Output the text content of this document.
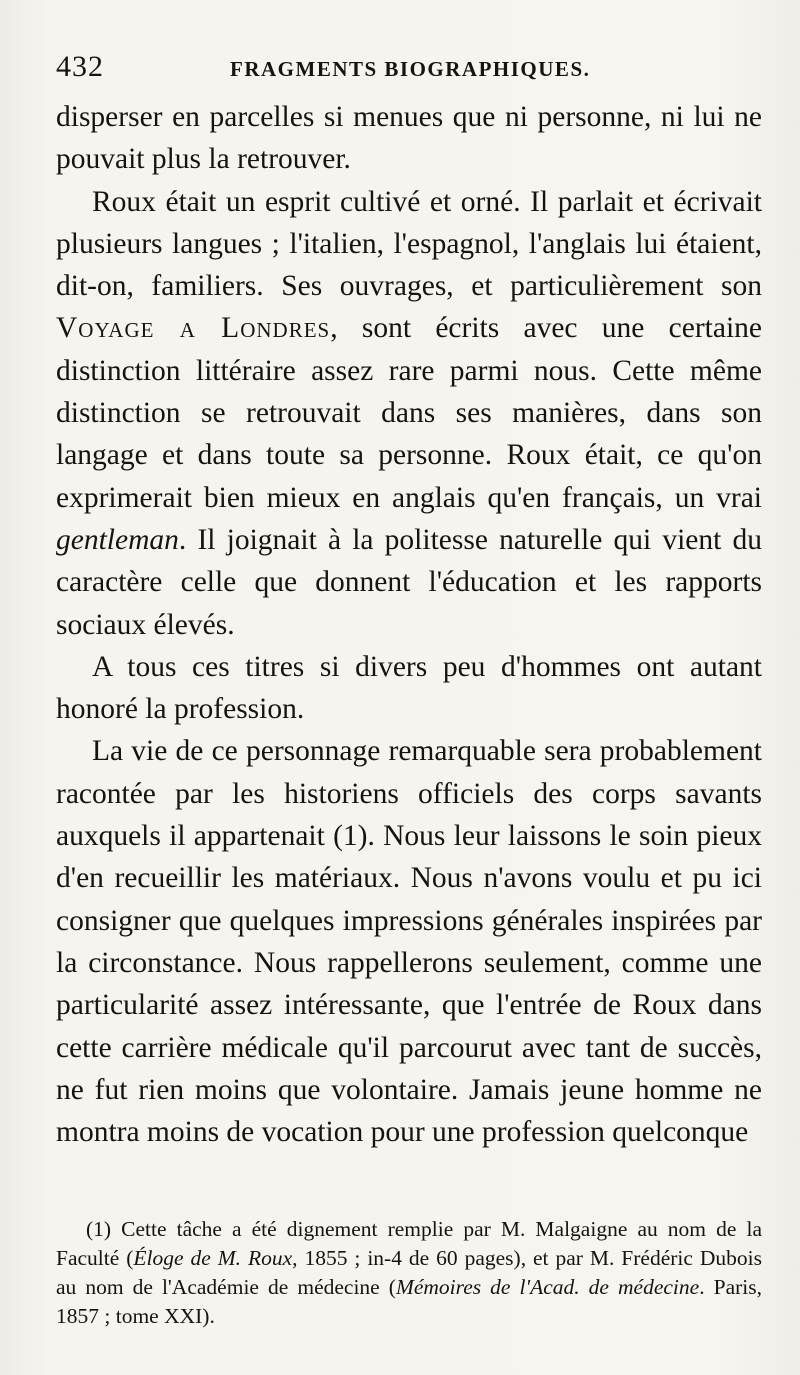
432	FRAGMENTS BIOGRAPHIQUES.

disperser en parcelles si menues que ni personne, ni lui ne pouvait plus la retrouver.

Roux était un esprit cultivé et orné. Il parlait et écrivait plusieurs langues ; l'italien, l'espagnol, l'anglais lui étaient, dit-on, familiers. Ses ouvrages, et particulièrement son Voyage a Londres, sont écrits avec une certaine distinction littéraire assez rare parmi nous. Cette même distinction se retrouvait dans ses manières, dans son langage et dans toute sa personne. Roux était, ce qu'on exprimerait bien mieux en anglais qu'en français, un vrai gentleman. Il joignait à la politesse naturelle qui vient du caractère celle que donnent l'éducation et les rapports sociaux élevés.

A tous ces titres si divers peu d'hommes ont autant honoré la profession.

La vie de ce personnage remarquable sera probablement racontée par les historiens officiels des corps savants auxquels il appartenait (1). Nous leur laissons le soin pieux d'en recueillir les matériaux. Nous n'avons voulu et pu ici consigner que quelques impressions générales inspirées par la circonstance. Nous rappellerons seulement, comme une particularité assez intéressante, que l'entrée de Roux dans cette carrière médicale qu'il parcourut avec tant de succès, ne fut rien moins que volontaire. Jamais jeune homme ne montra moins de vocation pour une profession quelconque

(1) Cette tâche a été dignement remplie par M. Malgaigne au nom de la Faculté (Éloge de M. Roux, 1855 ; in-4 de 60 pages), et par M. Frédéric Dubois au nom de l'Académie de médecine (Mémoires de l'Acad. de médecine. Paris, 1857 ; tome XXI).
